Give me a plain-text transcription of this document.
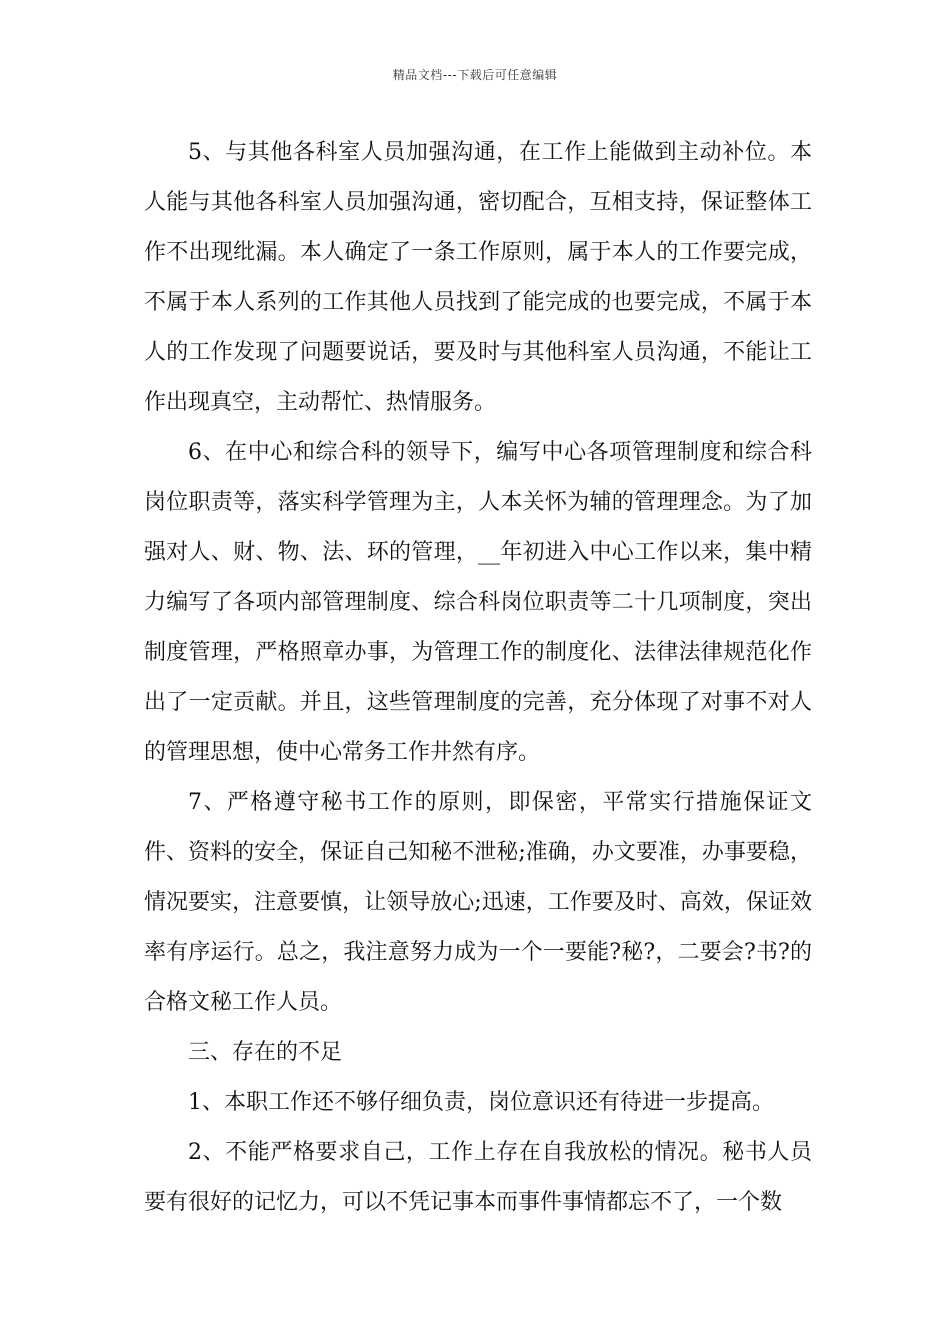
精品文档---下载后可任意编辑

5、与其他各科室人员加强沟通，在工作上能做到主动补位。本人能与其他各科室人员加强沟通，密切配合，互相支持，保证整体工作不出现纰漏。本人确定了一条工作原则，属于本人的工作要完成，不属于本人系列的工作其他人员找到了能完成的也要完成，不属于本人的工作发现了问题要说话，要及时与其他科室人员沟通，不能让工作出现真空，主动帮忙、热情服务。

6、在中心和综合科的领导下，编写中心各项管理制度和综合科岗位职责等，落实科学管理为主，人本关怀为辅的管理理念。为了加强对人、财、物、法、环的管理，__年初进入中心工作以来，集中精力编写了各项内部管理制度、综合科岗位职责等二十几项制度，突出制度管理，严格照章办事，为管理工作的制度化、法律法律规范化作出了一定贡献。并且，这些管理制度的完善，充分体现了对事不对人的管理思想，使中心常务工作井然有序。

7、严格遵守秘书工作的原则，即保密，平常实行措施保证文件、资料的安全，保证自己知秘不泄秘;准确，办文要准，办事要稳，情况要实，注意要慎，让领导放心;迅速，工作要及时、高效，保证效率有序运行。总之，我注意努力成为一个一要能?秘?，二要会?书?的合格文秘工作人员。

三、存在的不足

1、本职工作还不够仔细负责，岗位意识还有待进一步提高。

2、不能严格要求自己，工作上存在自我放松的情况。秘书人员要有很好的记忆力，可以不凭记事本而事件事情都忘不了，一个数
